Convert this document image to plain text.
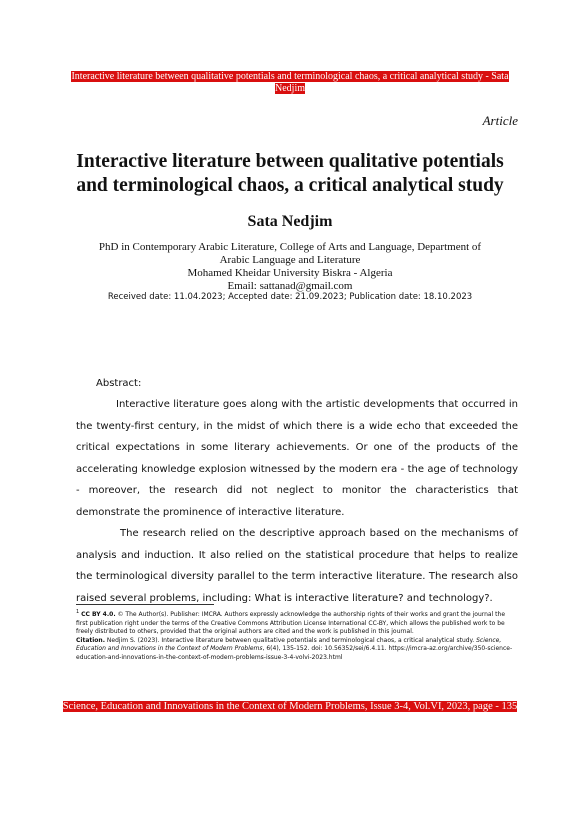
Interactive literature between qualitative potentials and terminological chaos, a critical analytical study - Sata Nedjim
Article
Interactive literature between qualitative potentials and terminological chaos, a critical analytical study
Sata Nedjim
PhD in Contemporary Arabic Literature, College of Arts and Language, Department of Arabic Language and Literature
Mohamed Kheidar University Biskra - Algeria
Email: sattanad@gmail.com
Received date: 11.04.2023; Accepted date: 21.09.2023; Publication date: 18.10.2023
Abstract:

Interactive literature goes along with the artistic developments that occurred in the twenty-first century, in the midst of which there is a wide echo that exceeded the critical expectations in some literary achievements. Or one of the products of the accelerating knowledge explosion witnessed by the modern era - the age of technology - moreover, the research did not neglect to monitor the characteristics that demonstrate the prominence of interactive literature.

The research relied on the descriptive approach based on the mechanisms of analysis and induction. It also relied on the statistical procedure that helps to realize the terminological diversity parallel to the term interactive literature. The research also raised several problems, including: What is interactive literature? and technology?.

$^1$ CC BY 4.0. © The Author(s). Publisher: IMCRA. Authors expressly acknowledge the authorship rights of their works and grant the journal the first publication right under the terms of the Creative Commons Attribution License International CC-BY, which allows the published work to be freely distributed to others, provided that the original authors are cited and the work is published in this journal.

Citation. Nedjim S. (2023). Interactive literature between qualitative potentials and terminological chaos, a critical analytical study. Science, Education and Innovations in the Context of Modern Problems, 6(4), 135-152. doi: 10.56352/sei/6.4.11. https://imcra-az.org/archive/350-science-education-and-innovations-in-the-context-of-modern-problems-issue-3-4-volvi-2023.html

Science, Education and Innovations in the Context of Modern Problems, Issue 3-4, Vol.VI, 2023, page - 135
